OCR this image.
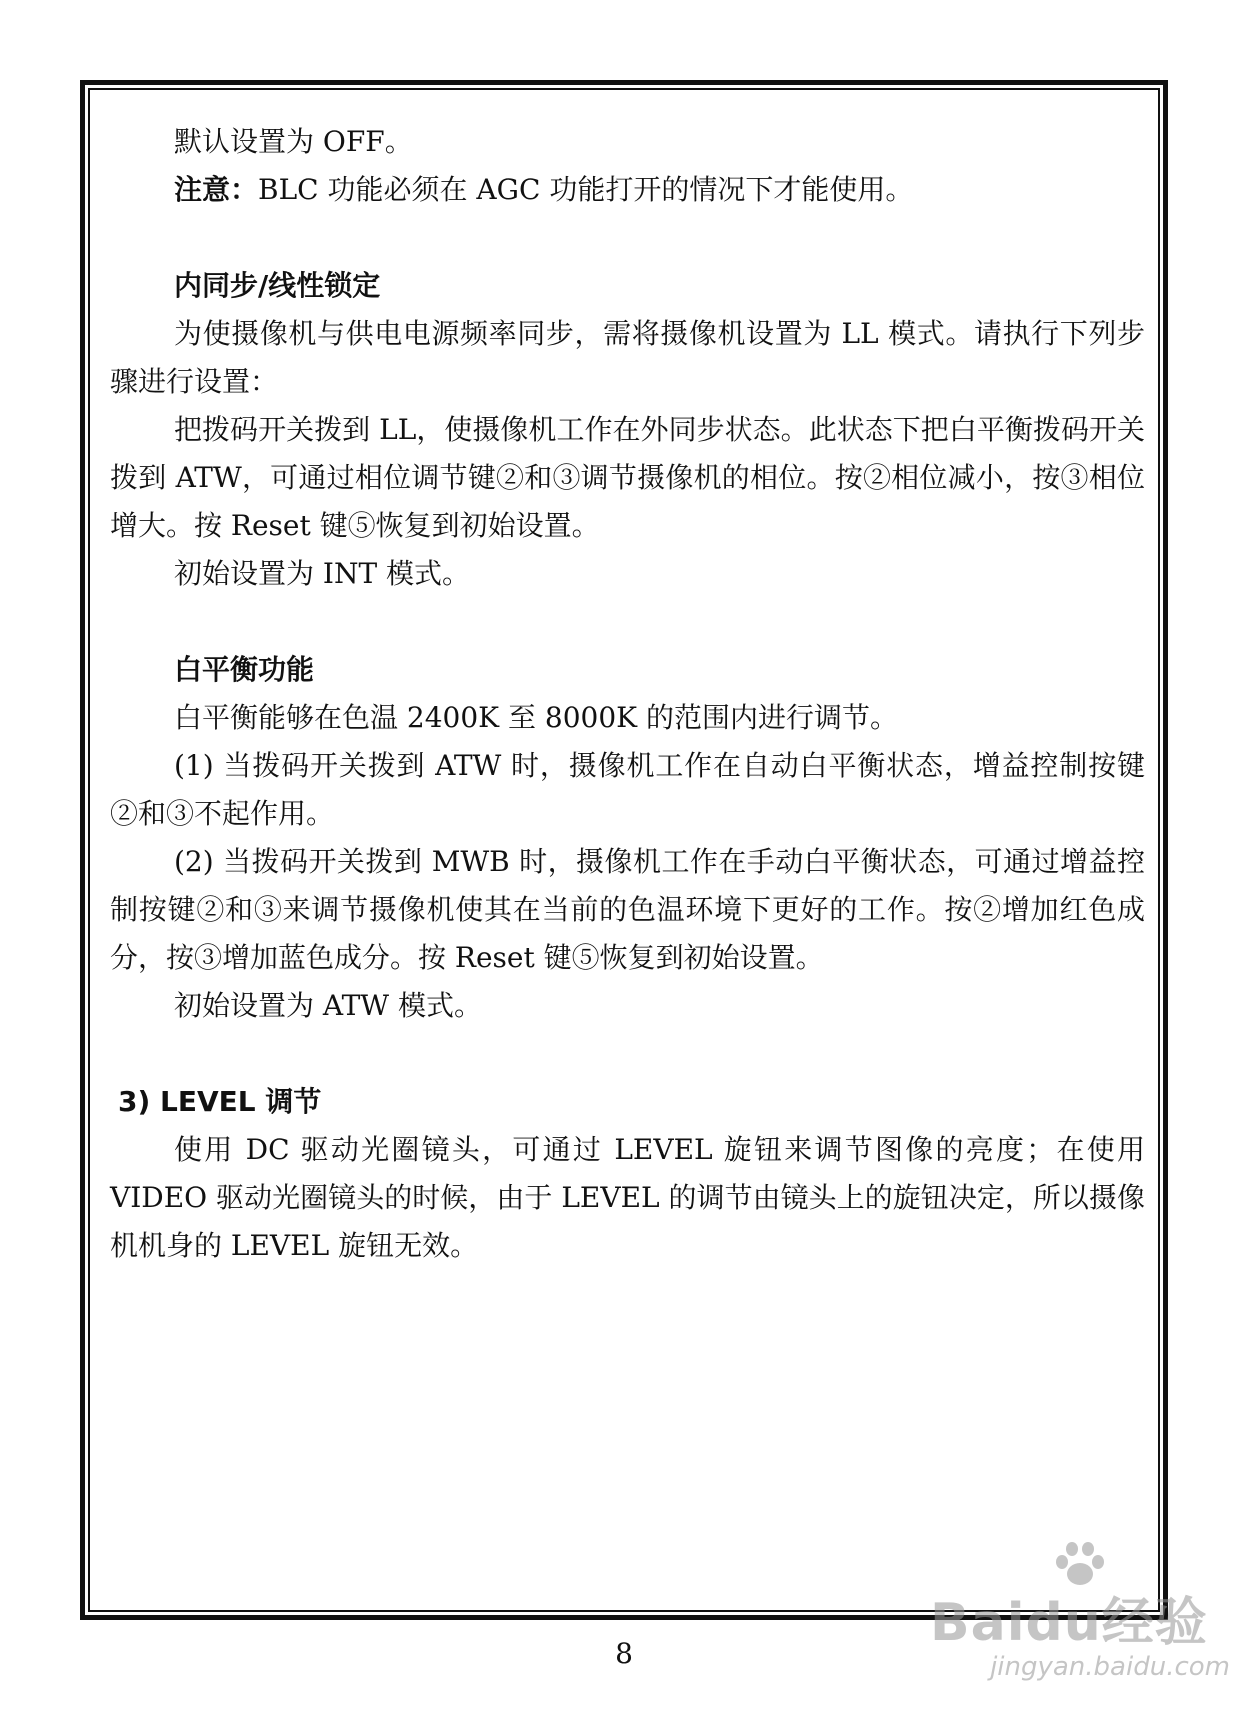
默认设置为 OFF。

注意：BLC 功能必须在 AGC 功能打开的情况下才能使用。

内同步/线性锁定

为使摄像机与供电电源频率同步，需将摄像机设置为 LL 模式。请执行下列步骤进行设置：

把拨码开关拨到 LL，使摄像机工作在外同步状态。此状态下把白平衡拨码开关拨到 ATW，可通过相位调节键②和③调节摄像机的相位。按②相位减小，按③相位增大。按 Reset 键⑤恢复到初始设置。

初始设置为 INT 模式。

白平衡功能

白平衡能够在色温 2400K 至 8000K 的范围内进行调节。

(1) 当拨码开关拨到 ATW 时，摄像机工作在自动白平衡状态，增益控制按键②和③不起作用。

(2) 当拨码开关拨到 MWB 时，摄像机工作在手动白平衡状态，可通过增益控制按键②和③来调节摄像机使其在当前的色温环境下更好的工作。按②增加红色成分，按③增加蓝色成分。按 Reset 键⑤恢复到初始设置。

初始设置为 ATW 模式。

3) LEVEL 调节

使用 DC 驱动光圈镜头，可通过 LEVEL 旋钮来调节图像的亮度；在使用 VIDEO 驱动光圈镜头的时候，由于 LEVEL 的调节由镜头上的旋钮决定，所以摄像机机身的 LEVEL 旋钮无效。

8
Baidu经验
jingyan.baidu.com
